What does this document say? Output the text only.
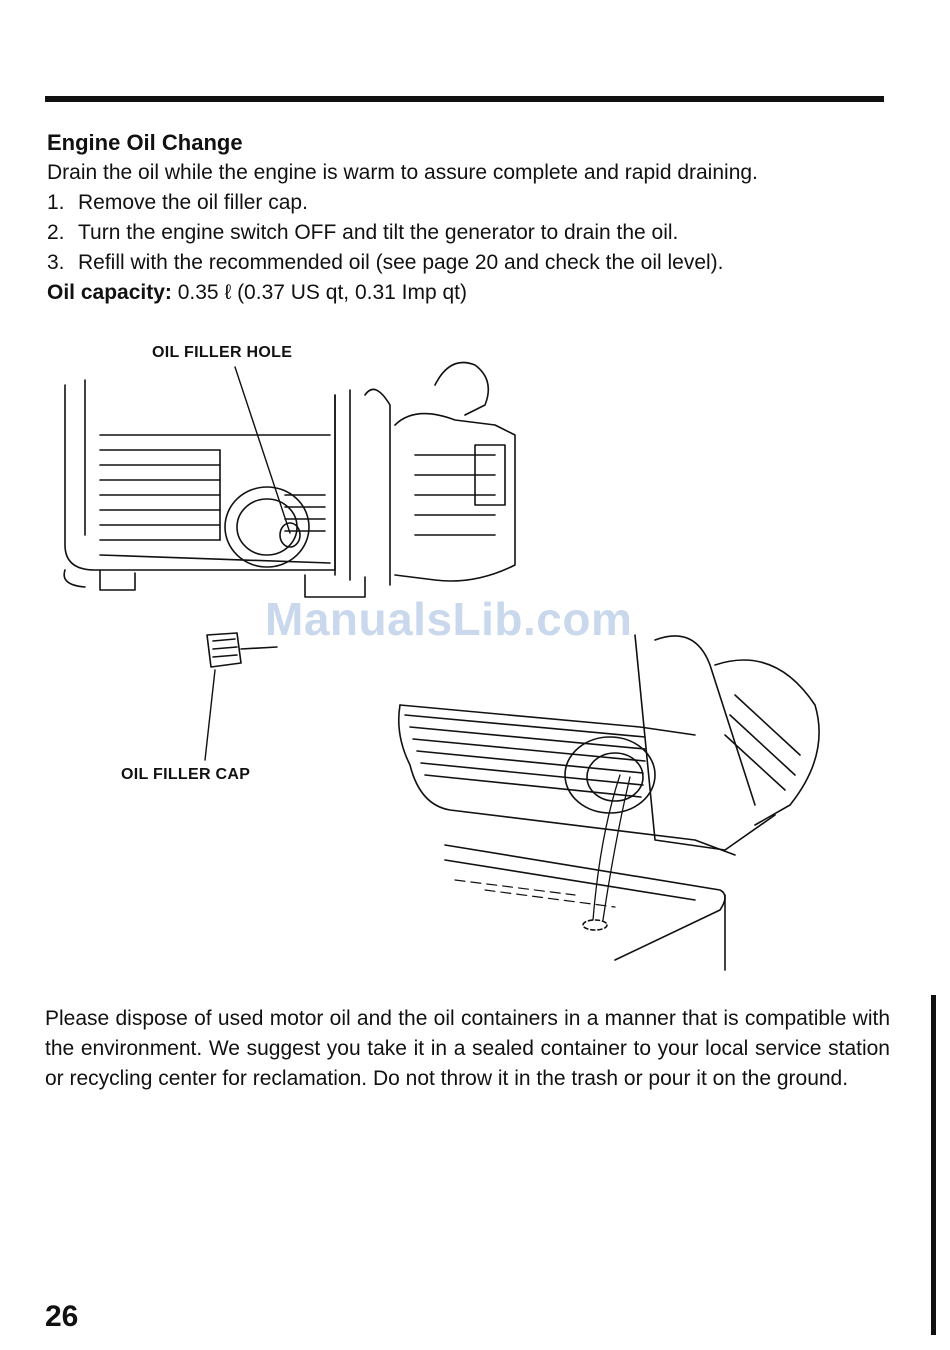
Engine Oil Change

Drain the oil while the engine is warm to assure complete and rapid draining.

1. Remove the oil filler cap.
2. Turn the engine switch OFF and tilt the generator to drain the oil.
3. Refill with the recommended oil (see page 20 and check the oil level).

Oil capacity: 0.35 ℓ (0.37 US qt, 0.31 Imp qt)

OIL FILLER HOLE
OIL FILLER CAP
ManualsLib.com

Please dispose of used motor oil and the oil containers in a manner that is compatible with the environment. We suggest you take it in a sealed container to your local service station or recycling center for reclamation. Do not throw it in the trash or pour it on the ground.

26
